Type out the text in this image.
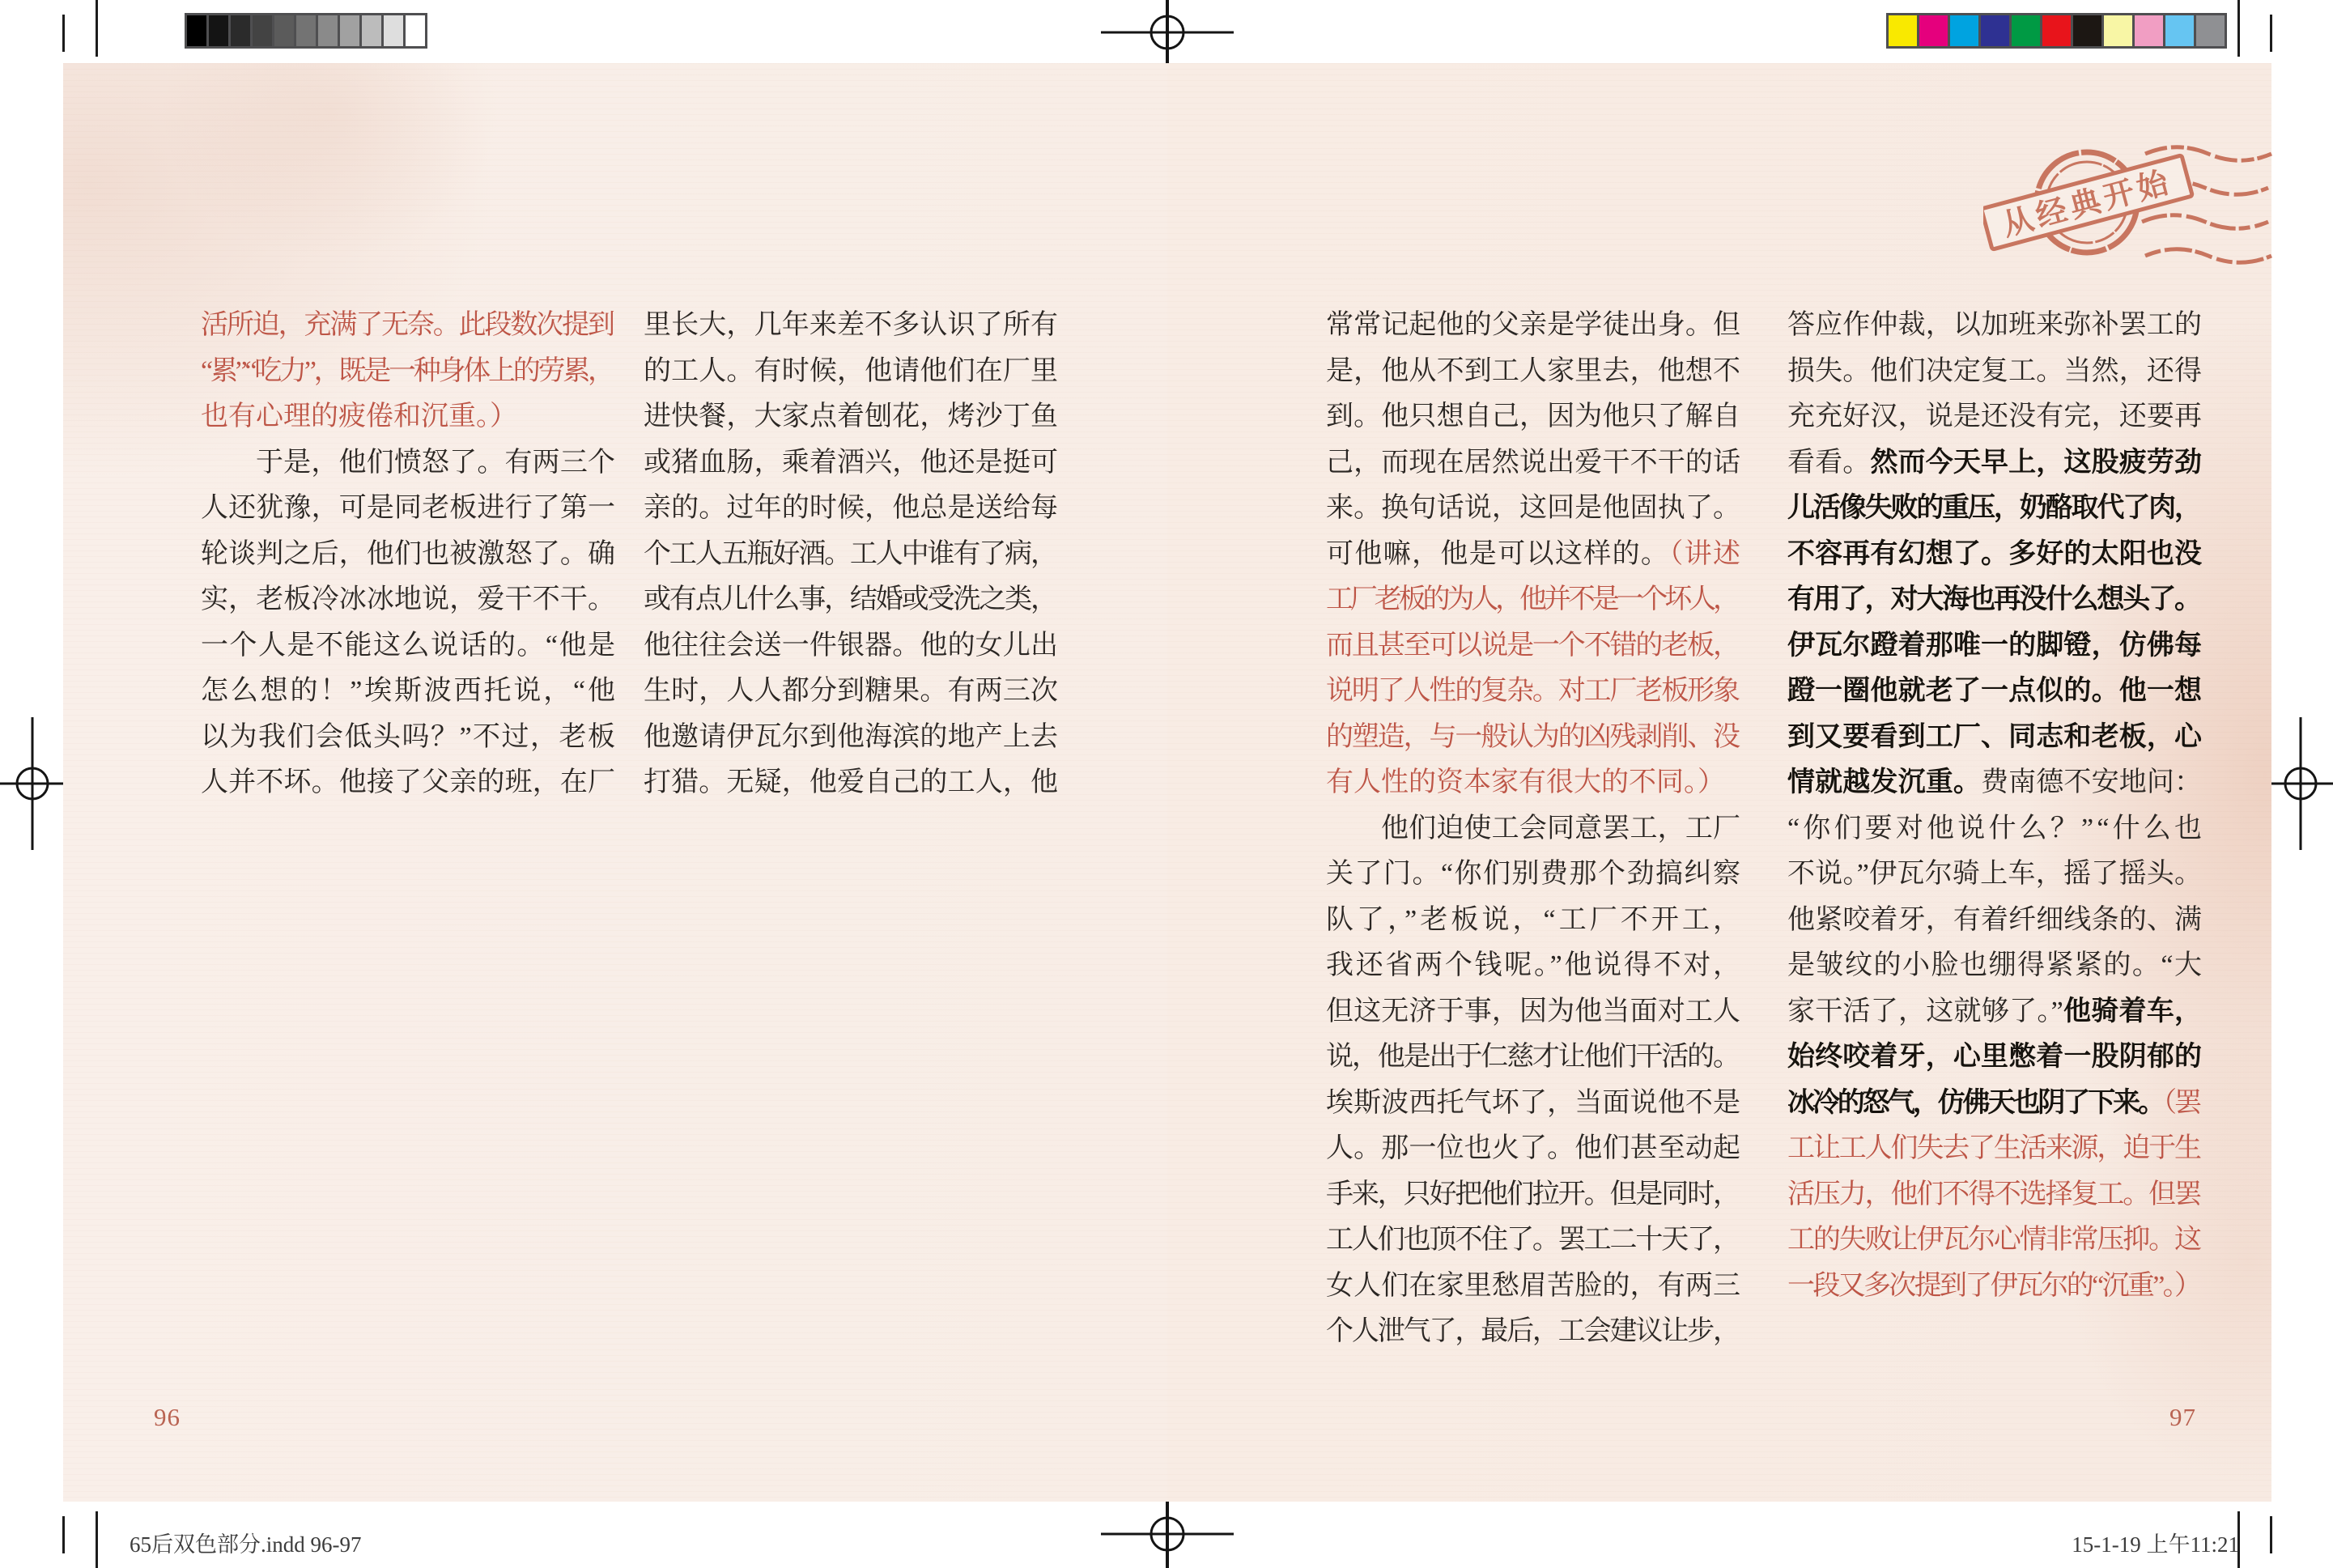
从经典开始
活所迫，充满了无奈。此段数次提到
“累”“吃力”，既是一种身体上的劳累，
也有心理的疲倦和沉重。）
于是，他们愤怒了。有两三个
人还犹豫，可是同老板进行了第一
轮谈判之后，他们也被激怒了。确
实，老板冷冰冰地说，爱干不干。
一个人是不能这么说话的。“他是
怎么想的！”埃斯波西托说，“他
以为我们会低头吗？”不过，老板
人并不坏。他接了父亲的班，在厂
里长大，几年来差不多认识了所有
的工人。有时候，他请他们在厂里
进快餐，大家点着刨花，烤沙丁鱼
或猪血肠，乘着酒兴，他还是挺可
亲的。过年的时候，他总是送给每
个工人五瓶好酒。工人中谁有了病，
或有点儿什么事，结婚或受洗之类，
他往往会送一件银器。他的女儿出
生时，人人都分到糖果。有两三次
他邀请伊瓦尔到他海滨的地产上去
打猎。无疑，他爱自己的工人，他
常常记起他的父亲是学徒出身。但
是，他从不到工人家里去，他想不
到。他只想自己，因为他只了解自
己，而现在居然说出爱干不干的话
来。换句话说，这回是他固执了。
可他嘛，他是可以这样的。（讲述
工厂老板的为人，他并不是一个坏人，
而且甚至可以说是一个不错的老板，
说明了人性的复杂。对工厂老板形象
的塑造，与一般认为的凶残剥削、没
有人性的资本家有很大的不同。）
他们迫使工会同意罢工，工厂
关了门。“你们别费那个劲搞纠察
队了，”老板说，“工厂不开工，
我还省两个钱呢。”他说得不对，
但这无济于事，因为他当面对工人
说，他是出于仁慈才让他们干活的。
埃斯波西托气坏了，当面说他不是
人。那一位也火了。他们甚至动起
手来，只好把他们拉开。但是同时，
工人们也顶不住了。罢工二十天了，
女人们在家里愁眉苦脸的，有两三
个人泄气了，最后，工会建议让步，
答应作仲裁，以加班来弥补罢工的
损失。他们决定复工。当然，还得
充充好汉，说是还没有完，还要再
看看。然而今天早上，这股疲劳劲
儿活像失败的重压，奶酪取代了肉，
不容再有幻想了。多好的太阳也没
有用了，对大海也再没什么想头了。
伊瓦尔蹬着那唯一的脚镫，仿佛每
蹬一圈他就老了一点似的。他一想
到又要看到工厂、同志和老板，心
情就越发沉重。费南德不安地问：
“你们要对他说什么？”“什么也
不说。”伊瓦尔骑上车，摇了摇头。
他紧咬着牙，有着纤细线条的、满
是皱纹的小脸也绷得紧紧的。“大
家干活了，这就够了。”他骑着车，
始终咬着牙，心里憋着一股阴郁的
冰冷的怒气，仿佛天也阴了下来。（罢
工让工人们失去了生活来源，迫于生
活压力，他们不得不选择复工。但罢
工的失败让伊瓦尔心情非常压抑。这
一段又多次提到了伊瓦尔的“沉重”。）
96	97
65后双色部分.indd 96-97	15-1-19 上午11:21
